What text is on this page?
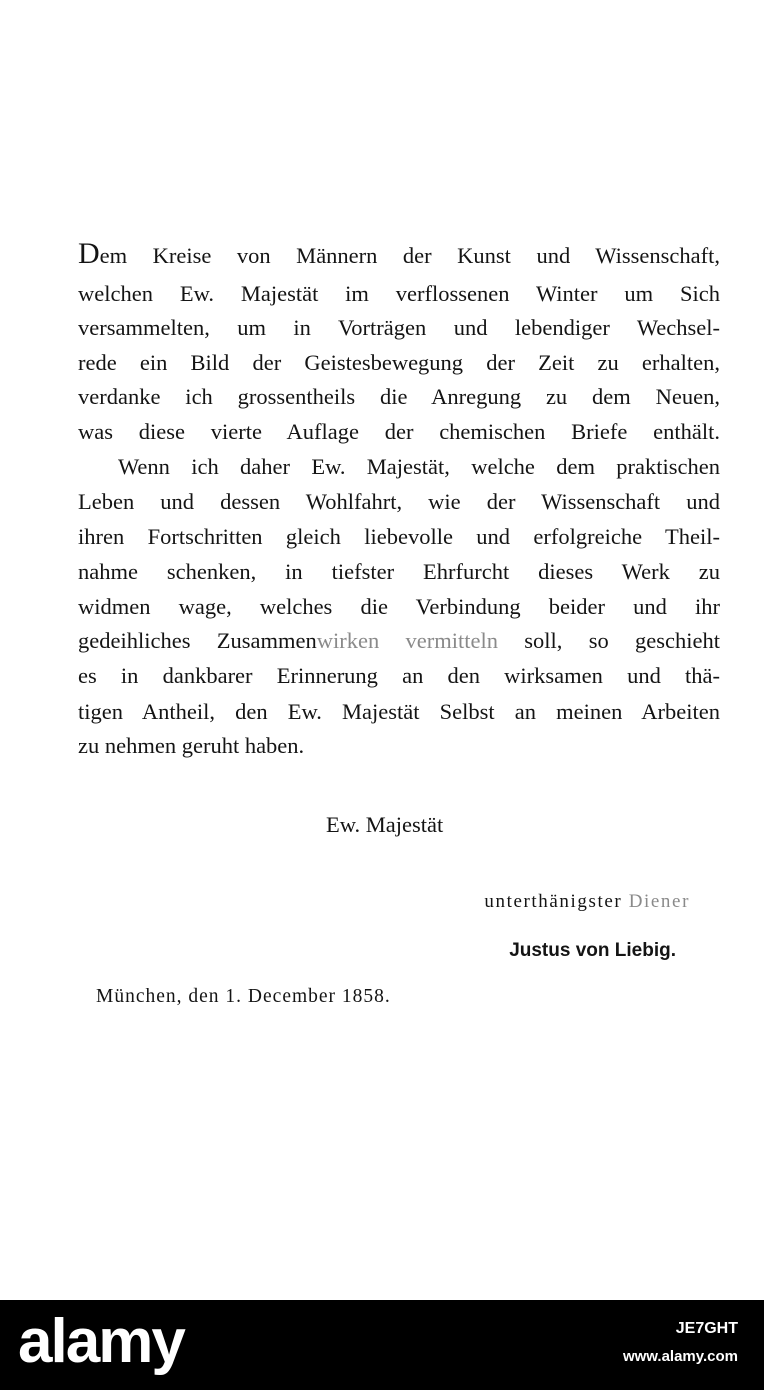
Dem Kreise von Männern der Kunst und Wissenschaft,

welchen Ew. Majestät im verflossenen Winter um Sich

versammelten, um in Vorträgen und lebendiger Wechsel-

rede ein Bild der Geistesbewegung der Zeit zu erhalten,

verdanke ich grossentheils die Anregung zu dem Neuen,

was diese vierte Auflage der chemischen Briefe enthält.

Wenn ich daher Ew. Majestät, welche dem praktischen

Leben und dessen Wohlfahrt, wie der Wissenschaft und

ihren Fortschritten gleich liebevolle und erfolgreiche Theil-

nahme schenken, in tiefster Ehrfurcht dieses Werk zu

widmen wage, welches die Verbindung beider und ihr

gedeihliches Zusammenwirken vermitteln soll, so geschieht

es in dankbarer Erinnerung an den wirksamen und thä-

tigen Antheil, den Ew. Majestät Selbst an meinen Arbeiten

zu nehmen geruht haben.

Ew. Majestät
unterthänigster Diener
Justus von Liebig.
München, den 1. December 1858.
alamy	JE7GHT
www.alamy.com
